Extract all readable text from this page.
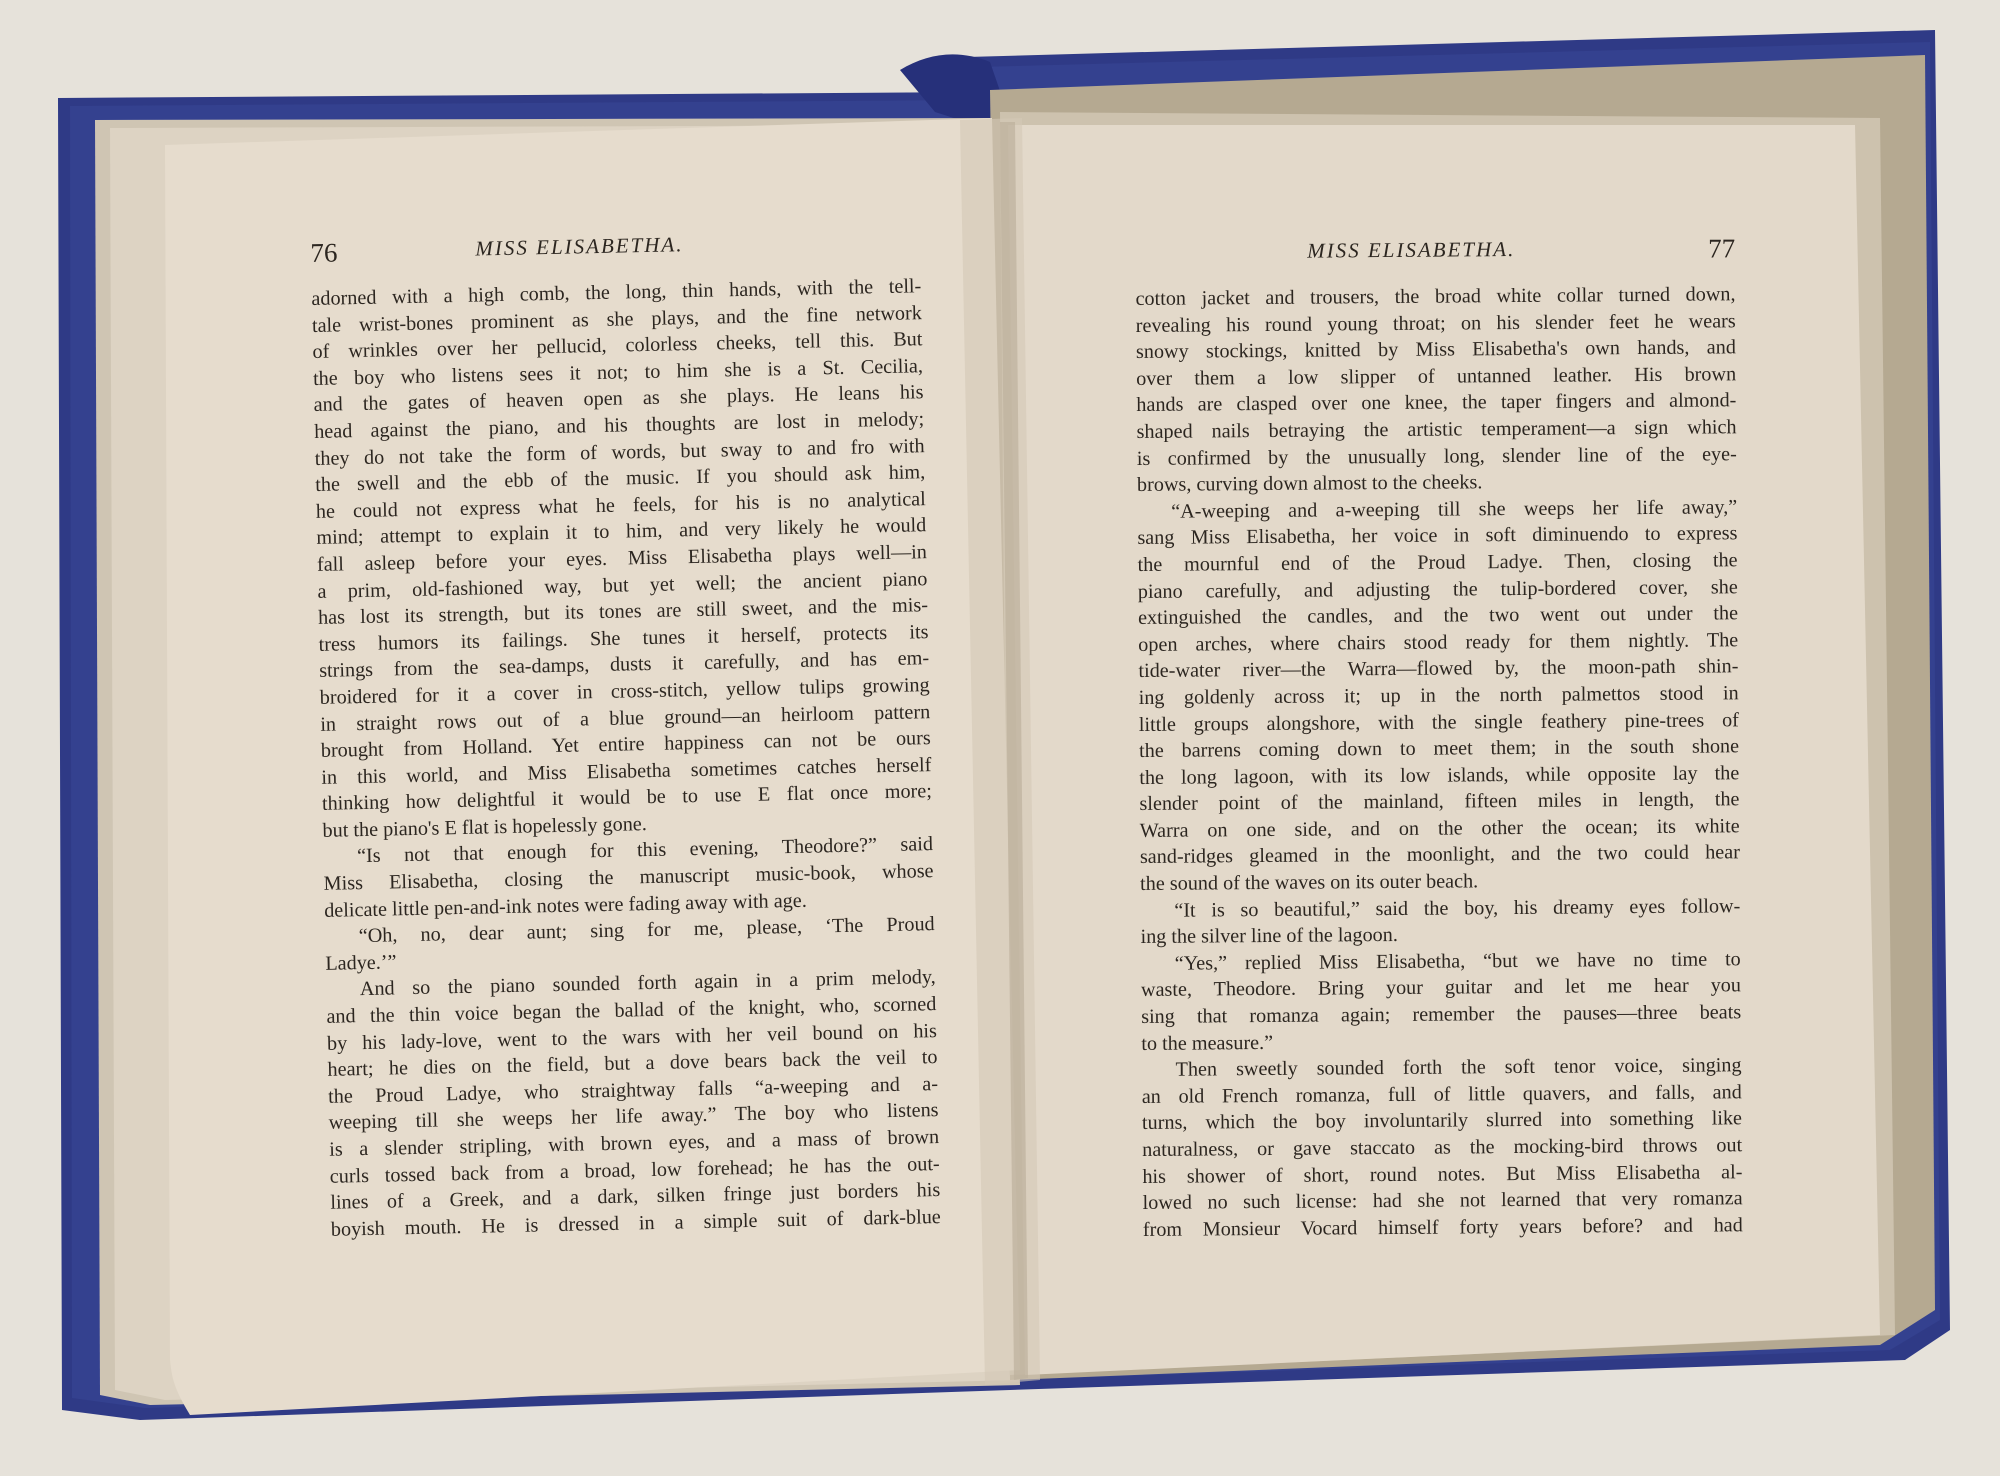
76	MISS ELISABETHA.
adorned with a high comb, the long, thin hands, with the tell-
tale wrist-bones prominent as she plays, and the fine network
of wrinkles over her pellucid, colorless cheeks, tell this. But
the boy who listens sees it not; to him she is a St. Cecilia,
and the gates of heaven open as she plays. He leans his
head against the piano, and his thoughts are lost in melody;
they do not take the form of words, but sway to and fro with
the swell and the ebb of the music. If you should ask him,
he could not express what he feels, for his is no analytical
mind; attempt to explain it to him, and very likely he would
fall asleep before your eyes. Miss Elisabetha plays well—in
a prim, old-fashioned way, but yet well; the ancient piano
has lost its strength, but its tones are still sweet, and the mis-
tress humors its failings. She tunes it herself, protects its
strings from the sea-damps, dusts it carefully, and has em-
broidered for it a cover in cross-stitch, yellow tulips growing
in straight rows out of a blue ground—an heirloom pattern
brought from Holland. Yet entire happiness can not be ours
in this world, and Miss Elisabetha sometimes catches herself
thinking how delightful it would be to use E flat once more;
but the piano's E flat is hopelessly gone.
“Is not that enough for this evening, Theodore?” said
Miss Elisabetha, closing the manuscript music-book, whose
delicate little pen-and-ink notes were fading away with age.
“Oh, no, dear aunt; sing for me, please, ‘The Proud
Ladye.’”
And so the piano sounded forth again in a prim melody,
and the thin voice began the ballad of the knight, who, scorned
by his lady-love, went to the wars with her veil bound on his
heart; he dies on the field, but a dove bears back the veil to
the Proud Ladye, who straightway falls “a-weeping and a-
weeping till she weeps her life away.” The boy who listens
is a slender stripling, with brown eyes, and a mass of brown
curls tossed back from a broad, low forehead; he has the out-
lines of a Greek, and a dark, silken fringe just borders his
boyish mouth. He is dressed in a simple suit of dark-blue
MISS ELISABETHA.	77
cotton jacket and trousers, the broad white collar turned down,
revealing his round young throat; on his slender feet he wears
snowy stockings, knitted by Miss Elisabetha's own hands, and
over them a low slipper of untanned leather. His brown
hands are clasped over one knee, the taper fingers and almond-
shaped nails betraying the artistic temperament—a sign which
is confirmed by the unusually long, slender line of the eye-
brows, curving down almost to the cheeks.
“A-weeping and a-weeping till she weeps her life away,”
sang Miss Elisabetha, her voice in soft diminuendo to express
the mournful end of the Proud Ladye. Then, closing the
piano carefully, and adjusting the tulip-bordered cover, she
extinguished the candles, and the two went out under the
open arches, where chairs stood ready for them nightly. The
tide-water river—the Warra—flowed by, the moon-path shin-
ing goldenly across it; up in the north palmettos stood in
little groups alongshore, with the single feathery pine-trees of
the barrens coming down to meet them; in the south shone
the long lagoon, with its low islands, while opposite lay the
slender point of the mainland, fifteen miles in length, the
Warra on one side, and on the other the ocean; its white
sand-ridges gleamed in the moonlight, and the two could hear
the sound of the waves on its outer beach.
“It is so beautiful,” said the boy, his dreamy eyes follow-
ing the silver line of the lagoon.
“Yes,” replied Miss Elisabetha, “but we have no time to
waste, Theodore. Bring your guitar and let me hear you
sing that romanza again; remember the pauses—three beats
to the measure.”
Then sweetly sounded forth the soft tenor voice, singing
an old French romanza, full of little quavers, and falls, and
turns, which the boy involuntarily slurred into something like
naturalness, or gave staccato as the mocking-bird throws out
his shower of short, round notes. But Miss Elisabetha al-
lowed no such license: had she not learned that very romanza
from Monsieur Vocard himself forty years before? and had
